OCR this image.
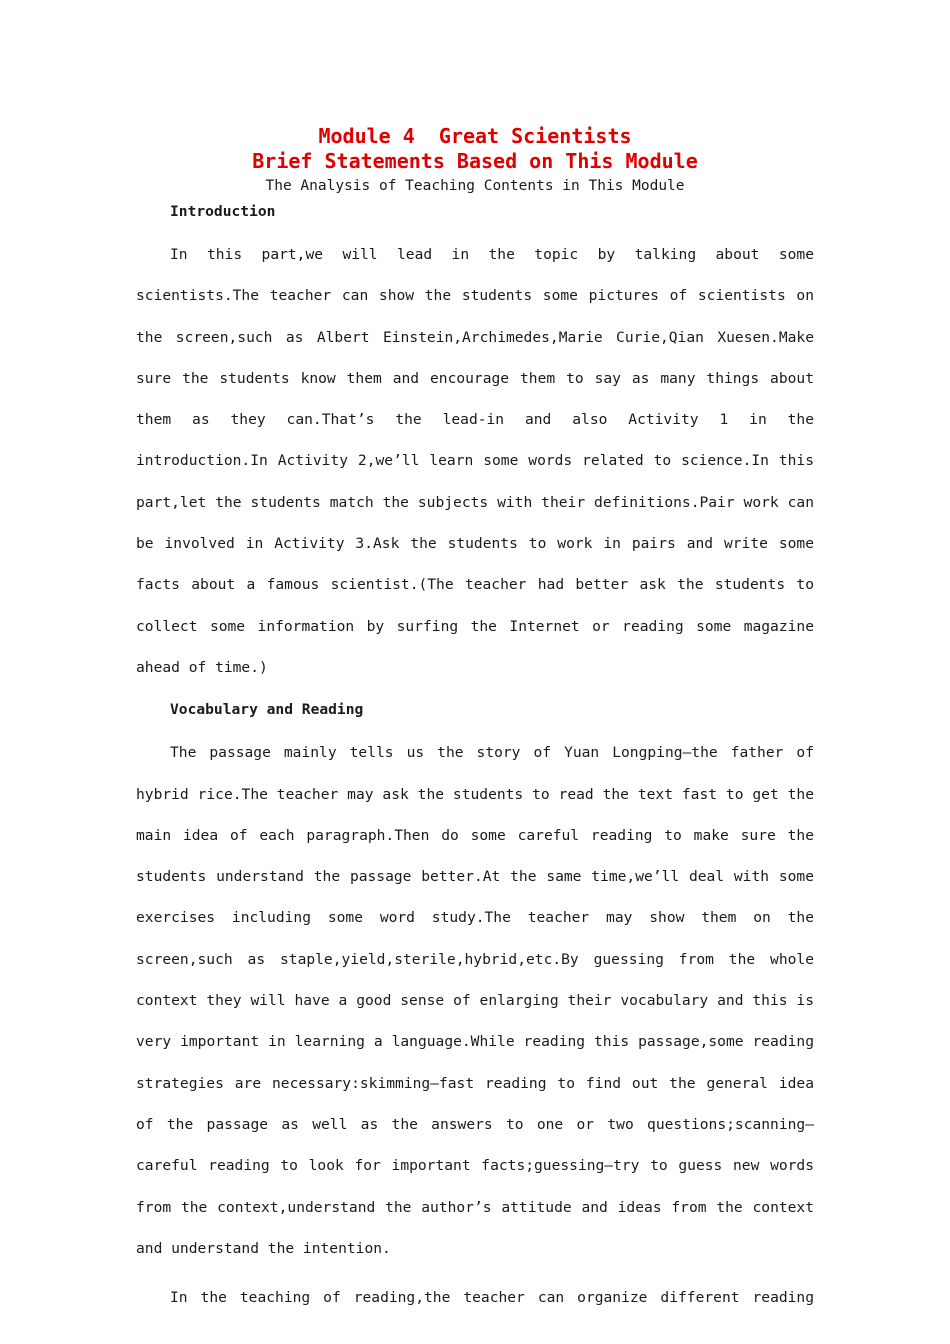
Module 4  Great Scientists
Brief Statements Based on This Module
The Analysis of Teaching Contents in This Module
Introduction

In this part,we will lead in the topic by talking about some scientists.The teacher can show the students some pictures of scientists on the screen,such as Albert Einstein,Archimedes,Marie Curie,Qian Xuesen.Make sure the students know them and encourage them to say as many things about them as they can.That’s the lead-in and also Activity 1 in the introduction.In Activity 2,we’ll learn some words related to science.In this part,let the students match the subjects with their definitions.Pair work can be involved in Activity 3.Ask the students to work in pairs and write some facts about a famous scientist.(The teacher had better ask the students to collect some information by surfing the Internet or reading some magazine ahead of time.)

Vocabulary and Reading

The passage mainly tells us the story of Yuan Longping—the father of hybrid rice.The teacher may ask the students to read the text fast to get the main idea of each paragraph.Then do some careful reading to make sure the students understand the passage better.At the same time,we’ll deal with some exercises including some word study.The teacher may show them on the screen,such as staple,yield,sterile,hybrid,etc.By guessing from the whole context they will have a good sense of enlarging their vocabulary and this is very important in learning a language.While reading this passage,some reading strategies are necessary:skimming—fast reading to find out the general idea of the passage as well as the answers to one or two questions;scanning—careful reading to look for important facts;guessing—try to guess new words from the context,understand the author’s attitude and ideas from the context and understand the intention.

In the teaching of reading,the teacher can organize different reading
